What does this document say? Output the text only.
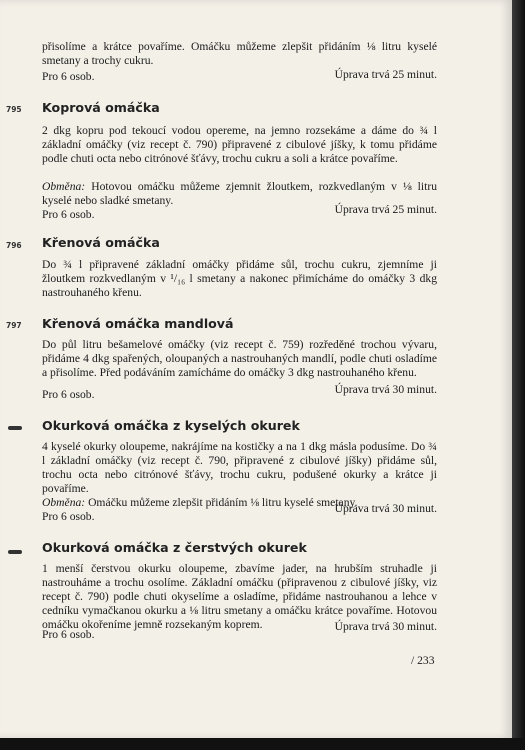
přisolíme a krátce povaříme. Omáčku můžeme zlepšit přidáním ⅛ litru kyselé smetany a trochy cukru.

Pro 6 osob.	Úprava trvá 25 minut.
795 Koprová omáčka

2 dkg kopru pod tekoucí vodou opereme, na jemno rozsekáme a dáme do ¾ l základní omáčky (viz recept č. 790) připravené z cibulové jíšky, k tomu přidáme podle chuti octa nebo citrónové šťávy, trochu cukru a soli a krátce povaříme.

Obměna: Hotovou omáčku můžeme zjemnit žloutkem, rozkvedlaným v ⅛ litru kyselé nebo sladké smetany.

Pro 6 osob.	Úprava trvá 25 minut.
796 Křenová omáčka

Do ¾ l připravené základní omáčky přidáme sůl, trochu cukru, zjemníme ji žloutkem rozkvedlaným v ¹/₁₆ l smetany a nakonec přimícháme do omáčky 3 dkg nastrouhaného křenu.

797 Křenová omáčka mandlová

Do půl litru bešamelové omáčky (viz recept č. 759) rozředěné trochou vývaru, přidáme 4 dkg spařených, oloupaných a nastrouhaných mandlí, podle chuti osladíme a přisolíme. Před podáváním zamícháme do omáčky 3 dkg nastrouhaného křenu.

Pro 6 osob.	Úprava trvá 30 minut.
Okurková omáčka z kyselých okurek

4 kyselé okurky oloupeme, nakrájíme na kostičky a na 1 dkg másla podusíme. Do ¾ l základní omáčky (viz recept č. 790, připravené z cibulové jíšky) přidáme sůl, trochu octa nebo citrónové šťávy, trochu cukru, podušené okurky a krátce ji povaříme.

Obměna: Omáčku můžeme zlepšit přidáním ⅛ litru kyselé smetany.

Pro 6 osob.
Úprava trvá 30 minut.
Okurková omáčka z čerstvých okurek

1 menší čerstvou okurku oloupeme, zbavíme jader, na hrubším struhadle ji nastrouháme a trochu osolíme. Základní omáčku (připravenou z cibulové jíšky, viz recept č. 790) podle chuti okyselíme a osladíme, přidáme nastrouhanou a lehce v cedníku vymačkanou okurku a ⅛ litru smetany a omáčku krátce povaříme. Hotovou omáčku okořeníme jemně rozsekaným koprem.

Pro 6 osob.
Úprava trvá 30 minut.
/ 233
